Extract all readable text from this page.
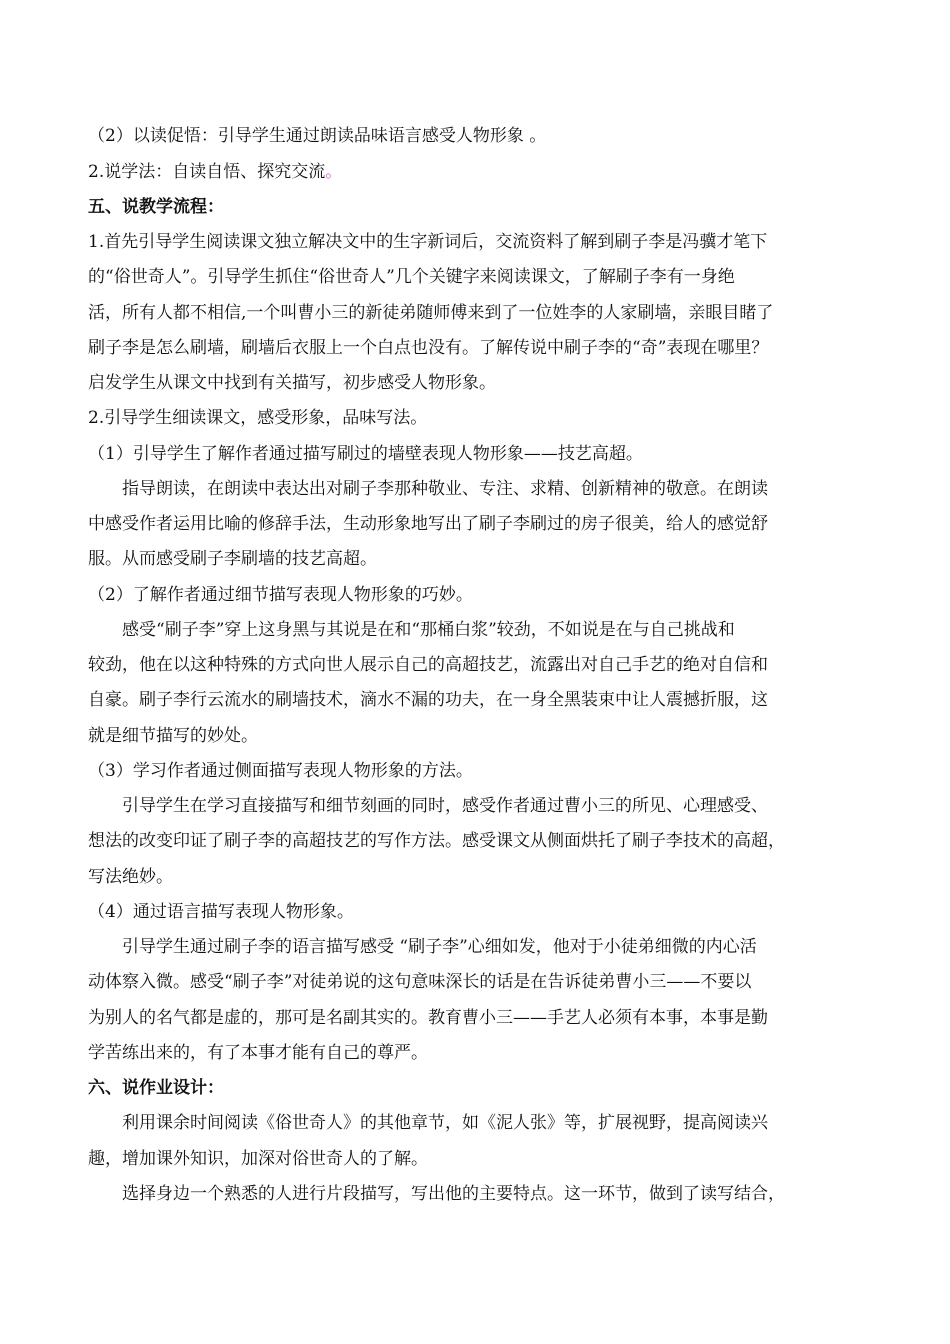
（2）以读促悟：引导学生通过朗读品味语言感受人物形象 。
2.说学法：自读自悟、探究交流。
五、说教学流程：
1.首先引导学生阅读课文独立解决文中的生字新词后，交流资料了解到刷子李是冯骥才笔下
的“俗世奇人”。引导学生抓住“俗世奇人”几个关键字来阅读课文，了解刷子李有一身绝
活，所有人都不相信,一个叫曹小三的新徒弟随师傅来到了一位姓李的人家刷墙，亲眼目睹了
刷子李是怎么刷墙，刷墙后衣服上一个白点也没有。了解传说中刷子李的“奇”表现在哪里？
启发学生从课文中找到有关描写，初步感受人物形象。
2.引导学生细读课文，感受形象，品味写法。
（1）引导学生了解作者通过描写刷过的墙壁表现人物形象——技艺高超。
指导朗读，在朗读中表达出对刷子李那种敬业、专注、求精、创新精神的敬意。在朗读
中感受作者运用比喻的修辞手法，生动形象地写出了刷子李刷过的房子很美，给人的感觉舒
服。从而感受刷子李刷墙的技艺高超。
（2）了解作者通过细节描写表现人物形象的巧妙。
感受“刷子李”穿上这身黑与其说是在和“那桶白浆”较劲，不如说是在与自己挑战和
较劲，他在以这种特殊的方式向世人展示自己的高超技艺，流露出对自己手艺的绝对自信和
自豪。刷子李行云流水的刷墙技术，滴水不漏的功夫，在一身全黑装束中让人震撼折服，这
就是细节描写的妙处。
（3）学习作者通过侧面描写表现人物形象的方法。
引导学生在学习直接描写和细节刻画的同时，感受作者通过曹小三的所见、心理感受、
想法的改变印证了刷子李的高超技艺的写作方法。感受课文从侧面烘托了刷子李技术的高超，
写法绝妙。
（4）通过语言描写表现人物形象。
引导学生通过刷子李的语言描写感受 “刷子李”心细如发，他对于小徒弟细微的内心活
动体察入微。感受“刷子李”对徒弟说的这句意味深长的话是在告诉徒弟曹小三——不要以
为别人的名气都是虚的，那可是名副其实的。教育曹小三——手艺人必须有本事，本事是勤
学苦练出来的，有了本事才能有自己的尊严。
六、说作业设计：
利用课余时间阅读《俗世奇人》的其他章节，如《泥人张》等，扩展视野，提高阅读兴
趣，增加课外知识，加深对俗世奇人的了解。
选择身边一个熟悉的人进行片段描写，写出他的主要特点。这一环节，做到了读写结合，
